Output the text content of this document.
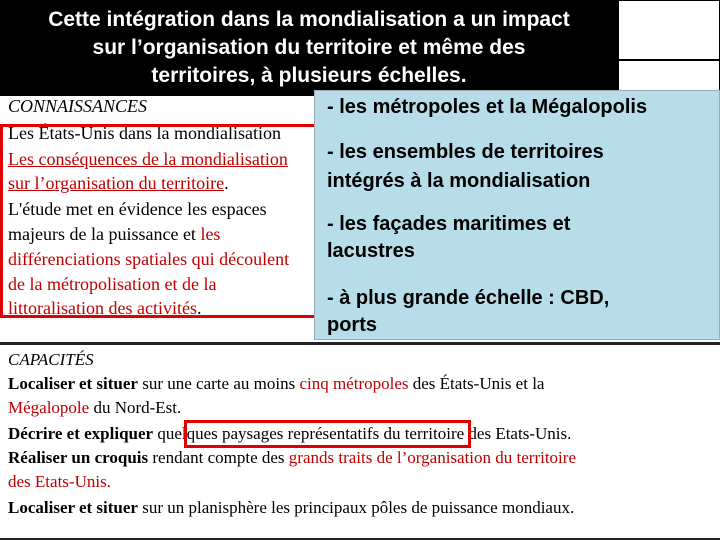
Cette intégration dans la mondialisation a un impact
sur l’organisation du territoire et même des
territoires, à plusieurs échelles.
CONNAISSANCES
Les États-Unis dans la mondialisation
Les conséquences de la mondialisation
sur l’organisation du territoire.
L'étude met en évidence les espaces
majeurs de la puissance et les
différenciations spatiales qui découlent
de la métropolisation et de la
littoralisation des activités.
- les métropoles et la Mégalopolis
- les ensembles de territoires
intégrés à la mondialisation
- les façades maritimes et
lacustres
- à plus grande échelle : CBD,
ports
CAPACITÉS
Localiser et situer sur une carte au moins cinq métropoles des États-Unis et la
Mégalopole du Nord-Est.
Décrire et expliquer quelques paysages représentatifs du territoire des Etats-Unis.
Réaliser un croquis rendant compte des grands traits de l’organisation du territoire
des Etats-Unis.
Localiser et situer sur un planisphère les principaux pôles de puissance mondiaux.
